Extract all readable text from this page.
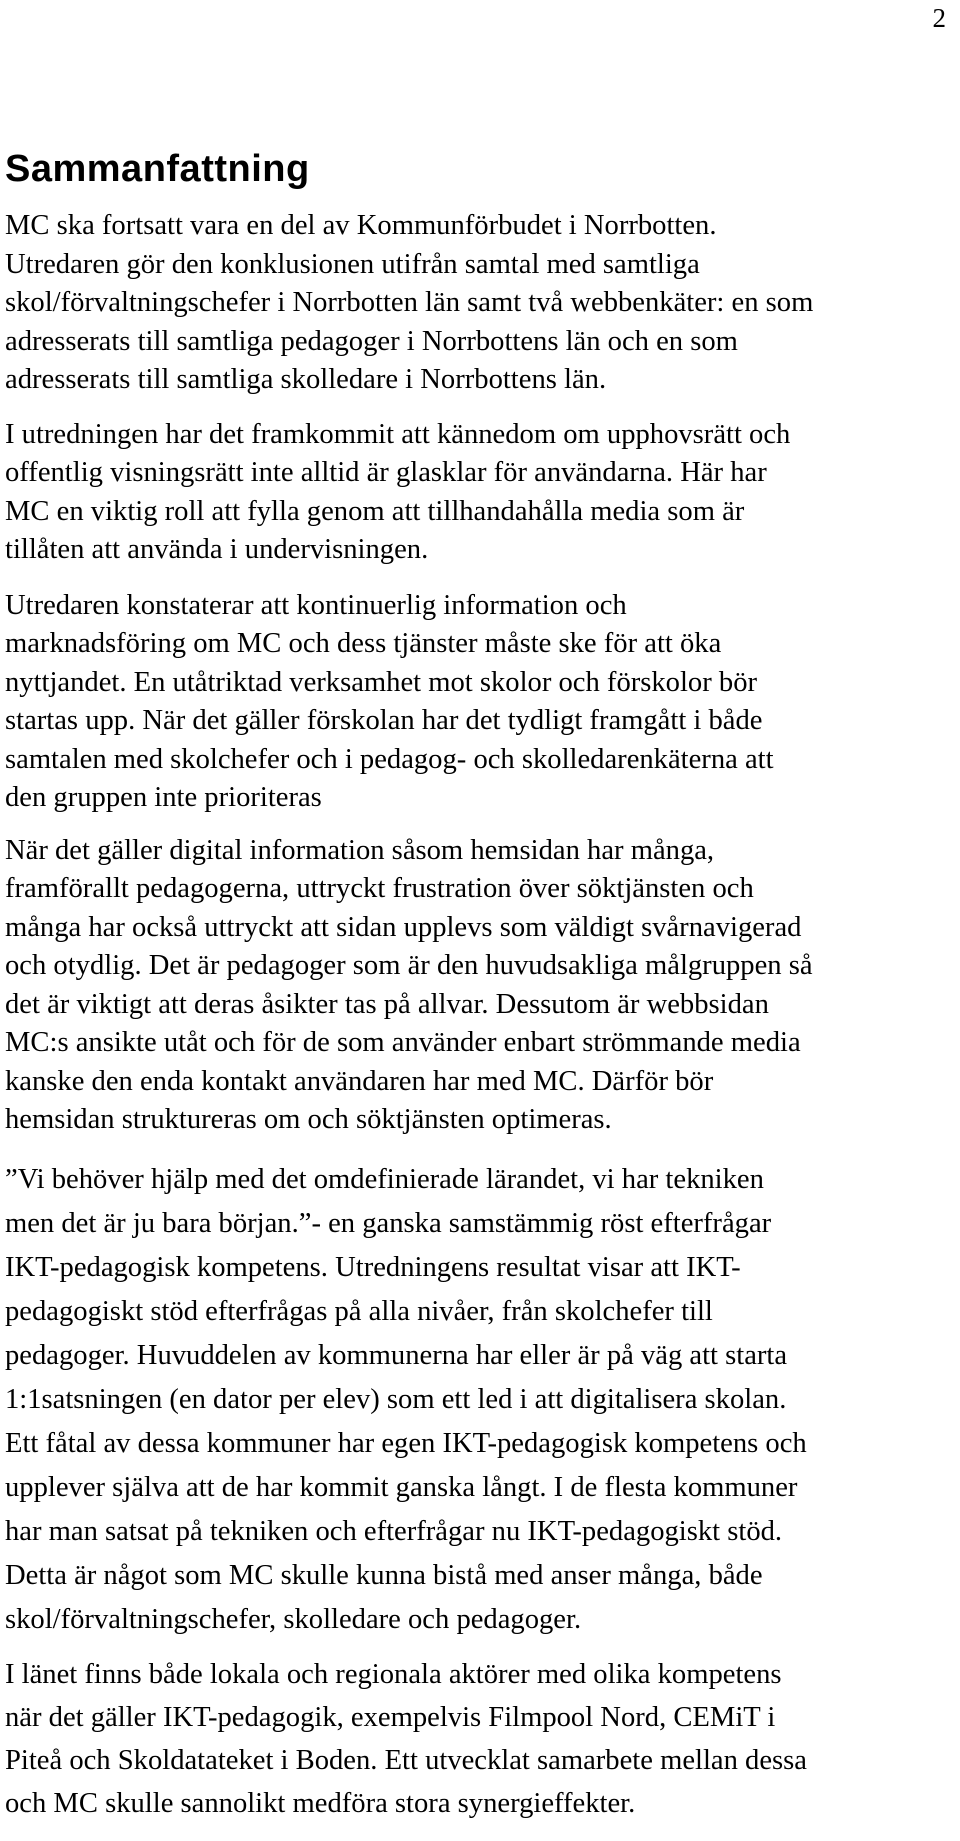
2
Sammanfattning

MC ska fortsatt vara en del av Kommunförbudet i Norrbotten.
Utredaren gör den konklusionen utifrån samtal med samtliga
skol/förvaltningschefer i Norrbotten län samt två webbenkäter: en som
adresserats till samtliga pedagoger i Norrbottens län och en som
adresserats till samtliga skolledare i Norrbottens län.

I utredningen har det framkommit att kännedom om upphovsrätt och
offentlig visningsrätt inte alltid är glasklar för användarna. Här har
MC en viktig roll att fylla genom att tillhandahålla media som är
tillåten att använda i undervisningen.

Utredaren konstaterar att kontinuerlig information och
marknadsföring om MC och dess tjänster måste ske för att öka
nyttjandet. En utåtriktad verksamhet mot skolor och förskolor bör
startas upp. När det gäller förskolan har det tydligt framgått i både
samtalen med skolchefer och i pedagog- och skolledarenkäterna att
den gruppen inte prioriteras

När det gäller digital information såsom hemsidan har många,
framförallt pedagogerna, uttryckt frustration över söktjänsten och
många har också uttryckt att sidan upplevs som väldigt svårnavigerad
och otydlig. Det är pedagoger som är den huvudsakliga målgruppen så
det är viktigt att deras åsikter tas på allvar. Dessutom är webbsidan
MC:s ansikte utåt och för de som använder enbart strömmande media
kanske den enda kontakt användaren har med MC. Därför bör
hemsidan struktureras om och söktjänsten optimeras.

”Vi behöver hjälp med det omdefinierade lärandet, vi har tekniken
men det är ju bara början.”- en ganska samstämmig röst efterfrågar
IKT-pedagogisk kompetens. Utredningens resultat visar att IKT-
pedagogiskt stöd efterfrågas på alla nivåer, från skolchefer till
pedagoger. Huvuddelen av kommunerna har eller är på väg att starta
1:1satsningen (en dator per elev) som ett led i att digitalisera skolan.
Ett fåtal av dessa kommuner har egen IKT-pedagogisk kompetens och
upplever själva att de har kommit ganska långt. I de flesta kommuner
har man satsat på tekniken och efterfrågar nu IKT-pedagogiskt stöd.
Detta är något som MC skulle kunna bistå med anser många, både
skol/förvaltningschefer, skolledare och pedagoger.

I länet finns både lokala och regionala aktörer med olika kompetens
när det gäller IKT-pedagogik, exempelvis Filmpool Nord, CEMiT i
Piteå och Skoldatateket i Boden. Ett utvecklat samarbete mellan dessa
och MC skulle sannolikt medföra stora synergieffekter.
